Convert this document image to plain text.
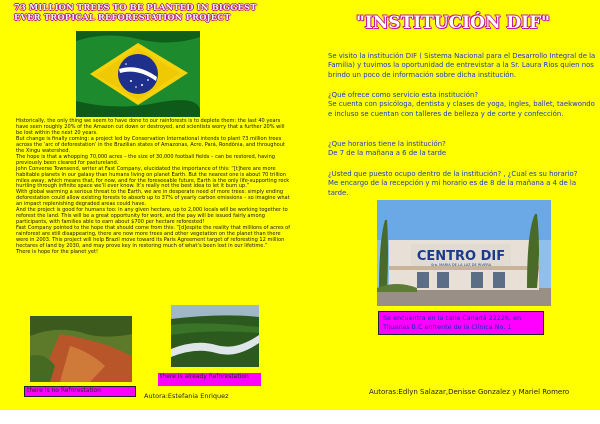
73 MILLION TREES TO BE PLANTED IN BIGGEST EVER TROPICAL REFORESTATION PROJECT

Historically, the only thing we seem to have done to our rainforests is to deplete them: the last 40 years have seen roughly 20% of the Amazon cut down or destroyed, and scientists worry that a further 20% will be lost within the next 20 years.

But change is finally coming: a project led by Conservation International intends to plant 73 million trees across the ‘arc of deforestation’ in the Brazilian states of Amazonas, Acre, Pará, Rondônia, and throughout the Xingu watershed.

The hope is that a whopping 70,000 acres – the size of 30,000 football fields – can be restored, having previously been cleared for pastureland.

John Converse Townsend, writer at Fast Company, elucidated the importance of this: “[t]here are more habitable planets in our galaxy than humans living on planet Earth. But the nearest one is about 70 trillion miles away, which means that, for now, and for the foreseeable future, Earth is the only life-supporting rock hurtling through infinite space we’ll ever know. It’s really not the best idea to let it burn up.”

With global warming a serious threat to the Earth, we are in desperate need of more trees: simply ending deforestation could allow existing forests to absorb up to 37% of yearly carbon emissions – so imagine what an impact replenishing degraded areas could have.

And the project is good for humans too: in any given hectare, up to 2,000 locals will be working together to reforest the land. This will be a great opportunity for work, and the pay will be issued fairly among participants, with families able to earn about $700 per hectare reforested!

Fast Company pointed to the hope that should come from this: “[d]espite the reality that millions of acres of rainforest are still disappearing, there are now more trees and other vegetation on the planet than there were in 2003. This project will help Brazil move toward its Paris Agreement target of reforesting 12 million hectares of land by 2030, and may prove key in restoring much of what’s been lost in our lifetime.”

There is hope for the planet yet!

there is no Reforestation
there is already Reforestation
Autora:Estefania Enriquez
"INSTITUCIÓN DIF"
Se visito la institución DIF ( Sistema Nacional para el Desarrollo Integral de la Familia) y tuvimos la oportunidad de entrevistar a la Sr. Laura Ríos quien nos brindo un poco de información sobre dicha institución.

¿Qué ofrece como servicio esta institución?

Se cuenta con psicóloga, dentista y clases de yoga, ingles, ballet, taekwondo e incluso se cuentan con talleres de belleza y de corte y confección.

¿Que horarios tiene la institución?

De 7 de la mañana a 6 de la tarde

¿Usted que puesto ocupo dentro de la institución? , ¿Cual es su horario?

Me encargo de la recepción y mi horario es de 8 de la mañana a 4 de la tarde.

CENTRO DIF
Sra. MARIA DE LA LUZ DE RIVERA
Se encuentra en la calle Canadá 22226, en Tijuanas B.C enfrente de la Clínica No. 1
Autoras:Edlyn Salazar,Denisse Gonzalez y Mariel Romero
